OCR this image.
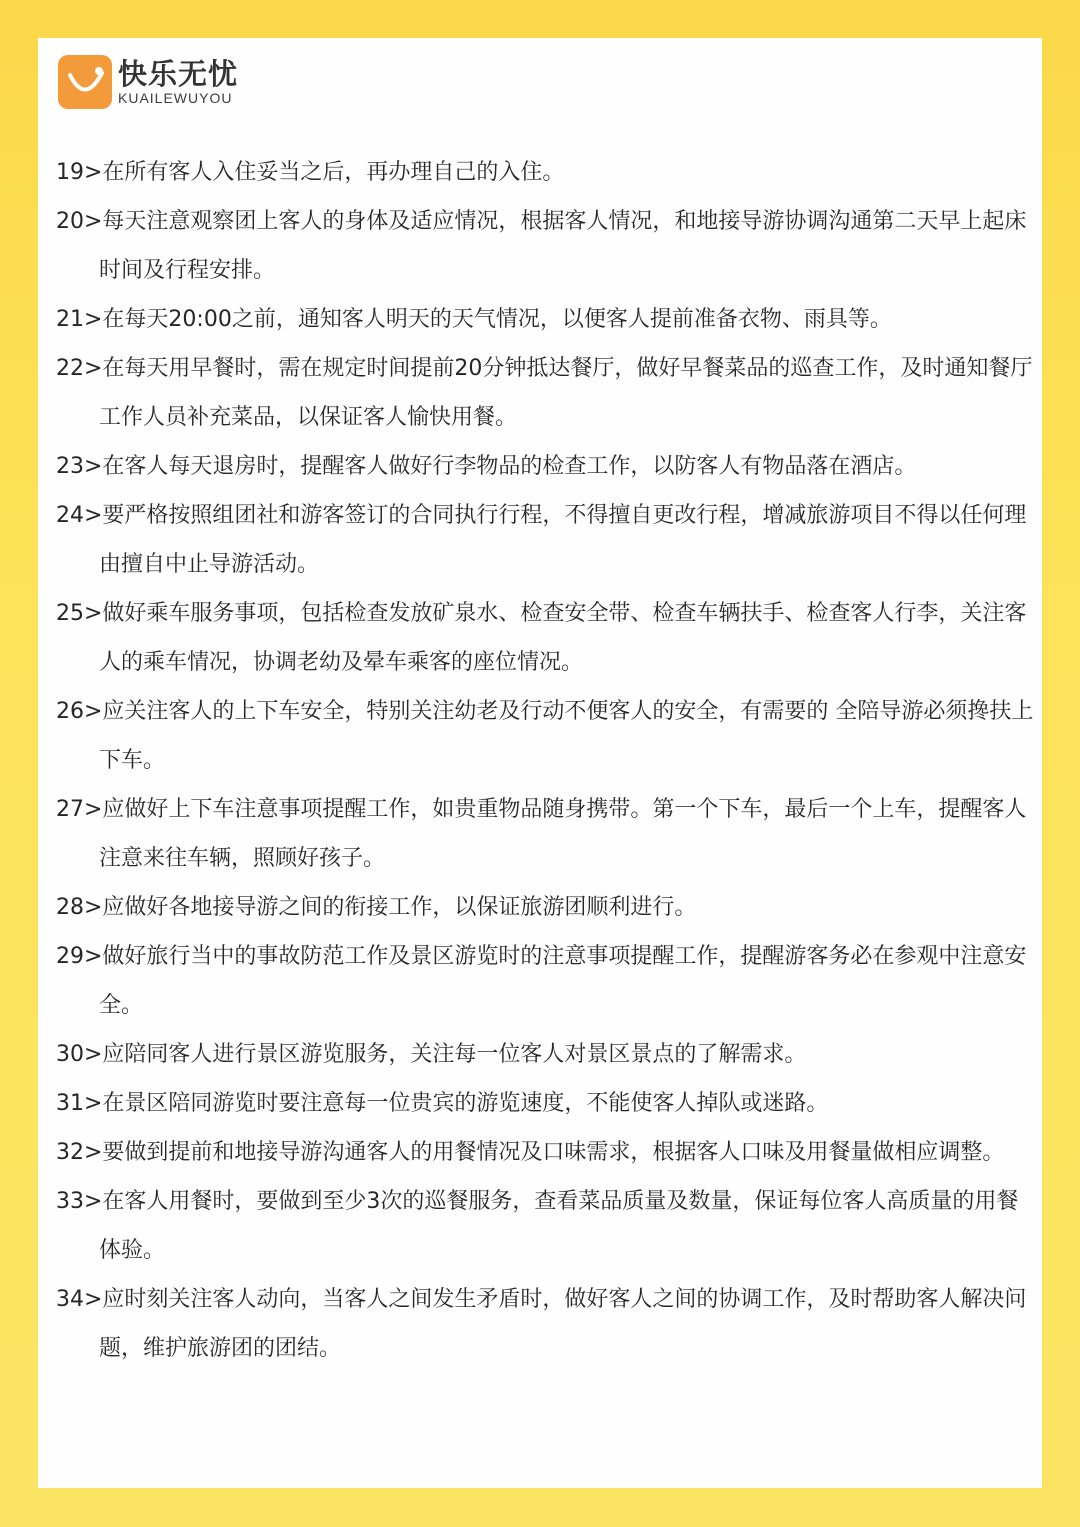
快乐无忧
KUAILEWUYOU
19>在所有客人入住妥当之后，再办理自己的入住。
20>每天注意观察团上客人的身体及适应情况，根据客人情况，和地接导游协调沟通第二天早上起床时间及行程安排。
21>在每天20:00之前，通知客人明天的天气情况，以便客人提前准备衣物、雨具等。
22>在每天用早餐时，需在规定时间提前20分钟抵达餐厅，做好早餐菜品的巡查工作，及时通知餐厅工作人员补充菜品，以保证客人愉快用餐。
23>在客人每天退房时，提醒客人做好行李物品的检查工作，以防客人有物品落在酒店。
24>要严格按照组团社和游客签订的合同执行行程，不得擅自更改行程，增减旅游项目不得以任何理由擅自中止导游活动。
25>做好乘车服务事项，包括检查发放矿泉水、检查安全带、检查车辆扶手、检查客人行李，关注客人的乘车情况，协调老幼及晕车乘客的座位情况。
26>应关注客人的上下车安全，特别关注幼老及行动不便客人的安全，有需要的 全陪导游必须搀扶上下车。
27>应做好上下车注意事项提醒工作，如贵重物品随身携带。第一个下车，最后一个上车，提醒客人注意来往车辆，照顾好孩子。
28>应做好各地接导游之间的衔接工作，以保证旅游团顺利进行。
29>做好旅行当中的事故防范工作及景区游览时的注意事项提醒工作，提醒游客务必在参观中注意安全。
30>应陪同客人进行景区游览服务，关注每一位客人对景区景点的了解需求。
31>在景区陪同游览时要注意每一位贵宾的游览速度，不能使客人掉队或迷路。
32>要做到提前和地接导游沟通客人的用餐情况及口味需求，根据客人口味及用餐量做相应调整。
33>在客人用餐时，要做到至少3次的巡餐服务，查看菜品质量及数量，保证每位客人高质量的用餐体验。
34>应时刻关注客人动向，当客人之间发生矛盾时，做好客人之间的协调工作，及时帮助客人解决问题，维护旅游团的团结。
